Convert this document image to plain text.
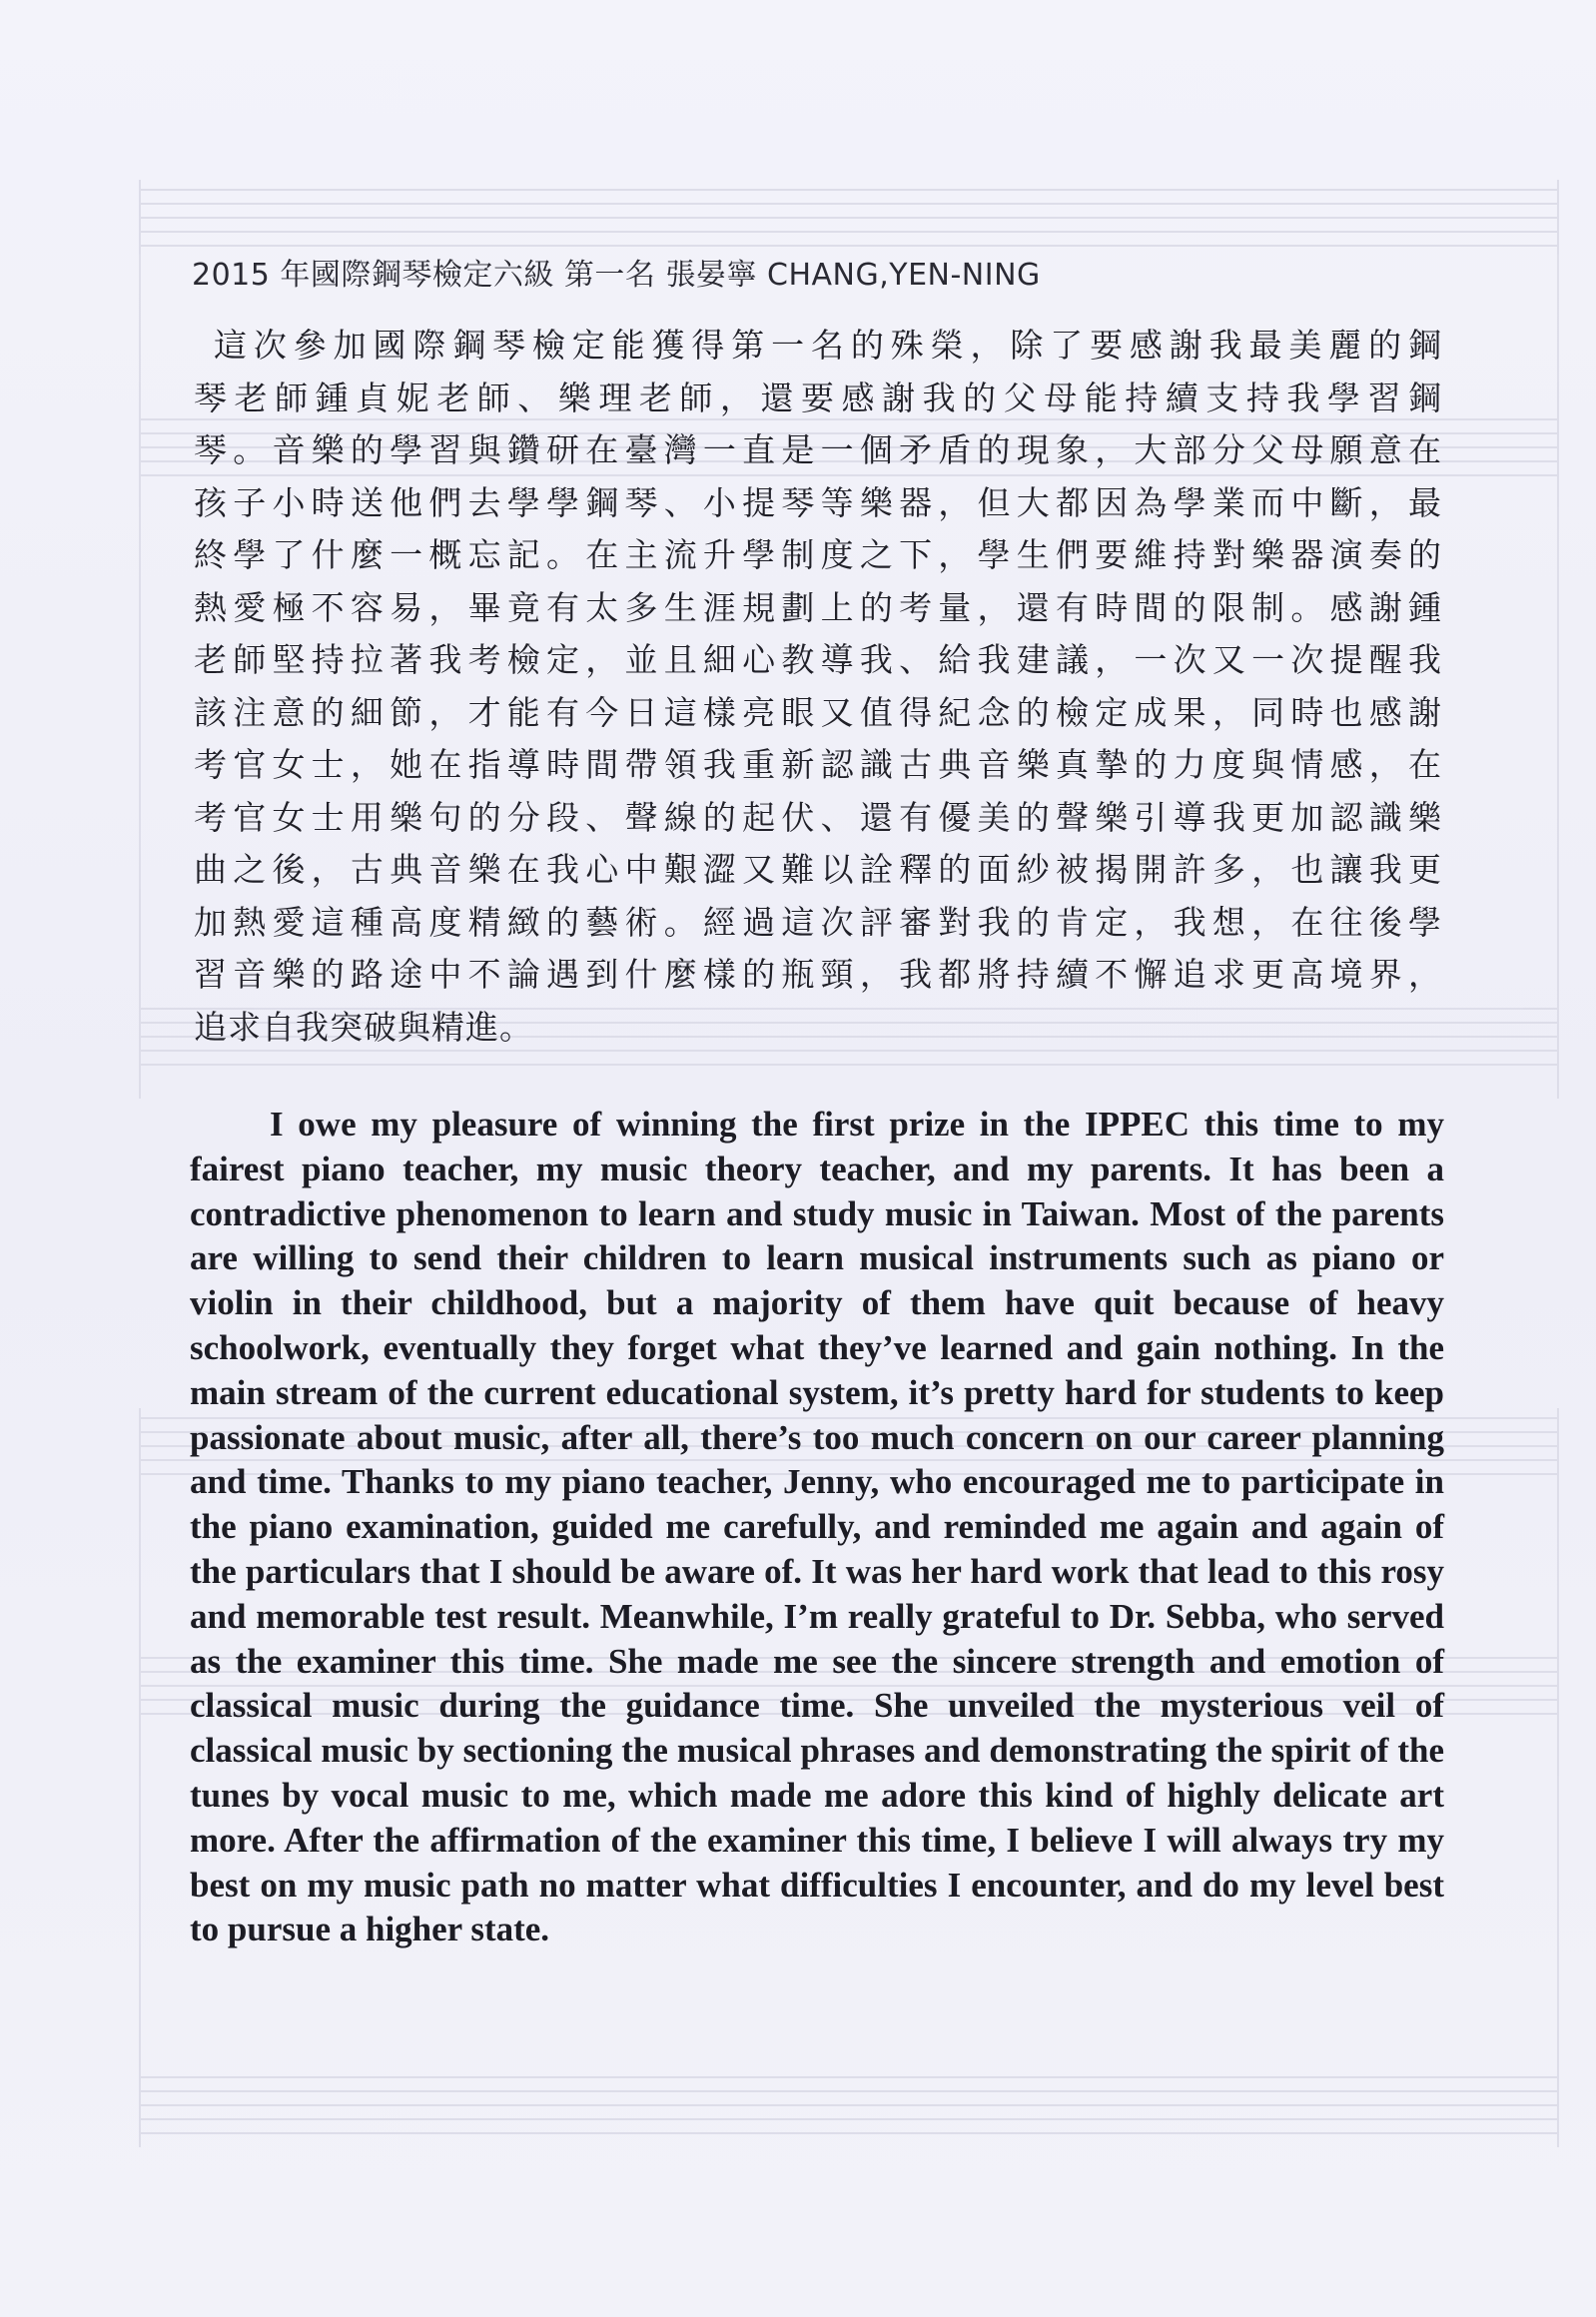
2015 年國際鋼琴檢定六級 第一名 張晏寧 CHANG,YEN-NING
這次參加國際鋼琴檢定能獲得第一名的殊榮，除了要感謝我最美麗的鋼
琴老師鍾貞妮老師、樂理老師，還要感謝我的父母能持續支持我學習鋼
琴。音樂的學習與鑽研在臺灣一直是一個矛盾的現象，大部分父母願意在
孩子小時送他們去學學鋼琴、小提琴等樂器，但大都因為學業而中斷，最
終學了什麼一概忘記。在主流升學制度之下，學生們要維持對樂器演奏的
熱愛極不容易，畢竟有太多生涯規劃上的考量，還有時間的限制。感謝鍾
老師堅持拉著我考檢定，並且細心教導我、給我建議，一次又一次提醒我
該注意的細節，才能有今日這樣亮眼又值得紀念的檢定成果，同時也感謝
考官女士，她在指導時間帶領我重新認識古典音樂真摯的力度與情感，在
考官女士用樂句的分段、聲線的起伏、還有優美的聲樂引導我更加認識樂
曲之後，古典音樂在我心中艱澀又難以詮釋的面紗被揭開許多，也讓我更
加熱愛這種高度精緻的藝術。經過這次評審對我的肯定，我想，在往後學
習音樂的路途中不論遇到什麼樣的瓶頸，我都將持續不懈追求更高境界，
追求自我突破與精進。

I owe my pleasure of winning the first prize in the IPPEC this time to my fairest piano teacher, my music theory teacher, and my parents. It has been a contradictive phenomenon to learn and study music in Taiwan. Most of the parents are willing to send their children to learn musical instruments such as piano or violin in their childhood, but a majority of them have quit because of heavy schoolwork, eventually they forget what they’ve learned and gain nothing. In the main stream of the current educational system, it’s pretty hard for students to keep passionate about music, after all, there’s too much concern on our career planning and time. Thanks to my piano teacher, Jenny, who encouraged me to participate in the piano examination, guided me carefully, and reminded me again and again of the particulars that I should be aware of. It was her hard work that lead to this rosy and memorable test result. Meanwhile, I’m really grateful to Dr. Sebba, who served as the examiner this time. She made me see the sincere strength and emotion of classical music during the guidance time. She unveiled the mysterious veil of classical music by sectioning the musical phrases and demonstrating the spirit of the tunes by vocal music to me, which made me adore this kind of highly delicate art more. After the affirmation of the examiner this time, I believe I will always try my best on my music path no matter what difficulties I encounter, and do my level best to pursue a higher state.
